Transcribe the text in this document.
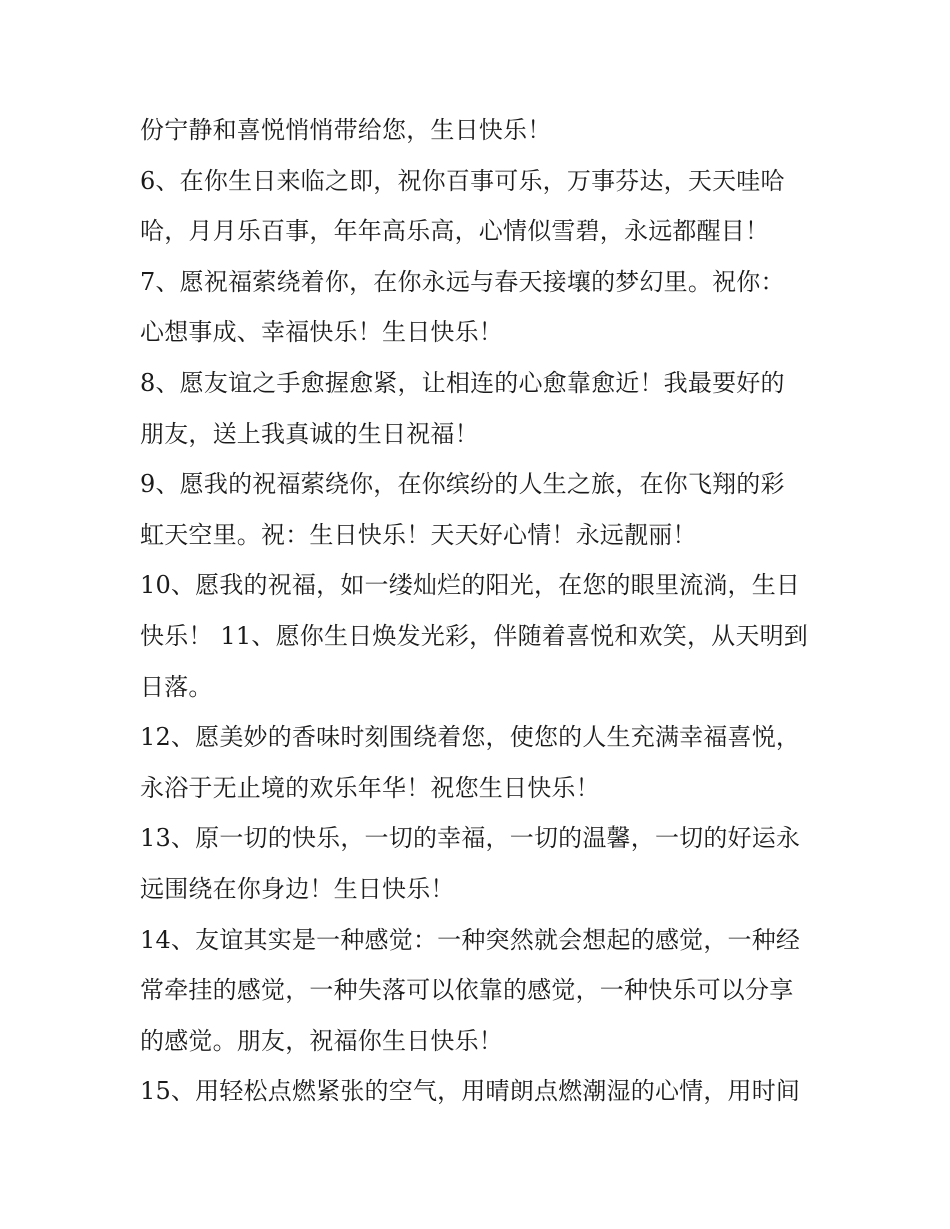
份宁静和喜悦悄悄带给您，生日快乐！
6、在你生日来临之即，祝你百事可乐，万事芬达，天天哇哈
哈，月月乐百事，年年高乐高，心情似雪碧，永远都醒目！
7、愿祝福萦绕着你，在你永远与春天接壤的梦幻里。祝你：
心想事成、幸福快乐！生日快乐！
8、愿友谊之手愈握愈紧，让相连的心愈靠愈近！我最要好的
朋友，送上我真诚的生日祝福！
9、愿我的祝福萦绕你，在你缤纷的人生之旅，在你飞翔的彩
虹天空里。祝：生日快乐！天天好心情！永远靓丽！
10、愿我的祝福，如一缕灿烂的阳光，在您的眼里流淌，生日
快乐！ 11、愿你生日焕发光彩，伴随着喜悦和欢笑，从天明到
日落。
12、愿美妙的香味时刻围绕着您，使您的人生充满幸福喜悦，
永浴于无止境的欢乐年华！祝您生日快乐！
13、原一切的快乐，一切的幸福，一切的温馨，一切的好运永
远围绕在你身边！生日快乐！
14、友谊其实是一种感觉：一种突然就会想起的感觉，一种经
常牵挂的感觉，一种失落可以依靠的感觉，一种快乐可以分享
的感觉。朋友，祝福你生日快乐！
15、用轻松点燃紧张的空气，用晴朗点燃潮湿的心情，用时间
